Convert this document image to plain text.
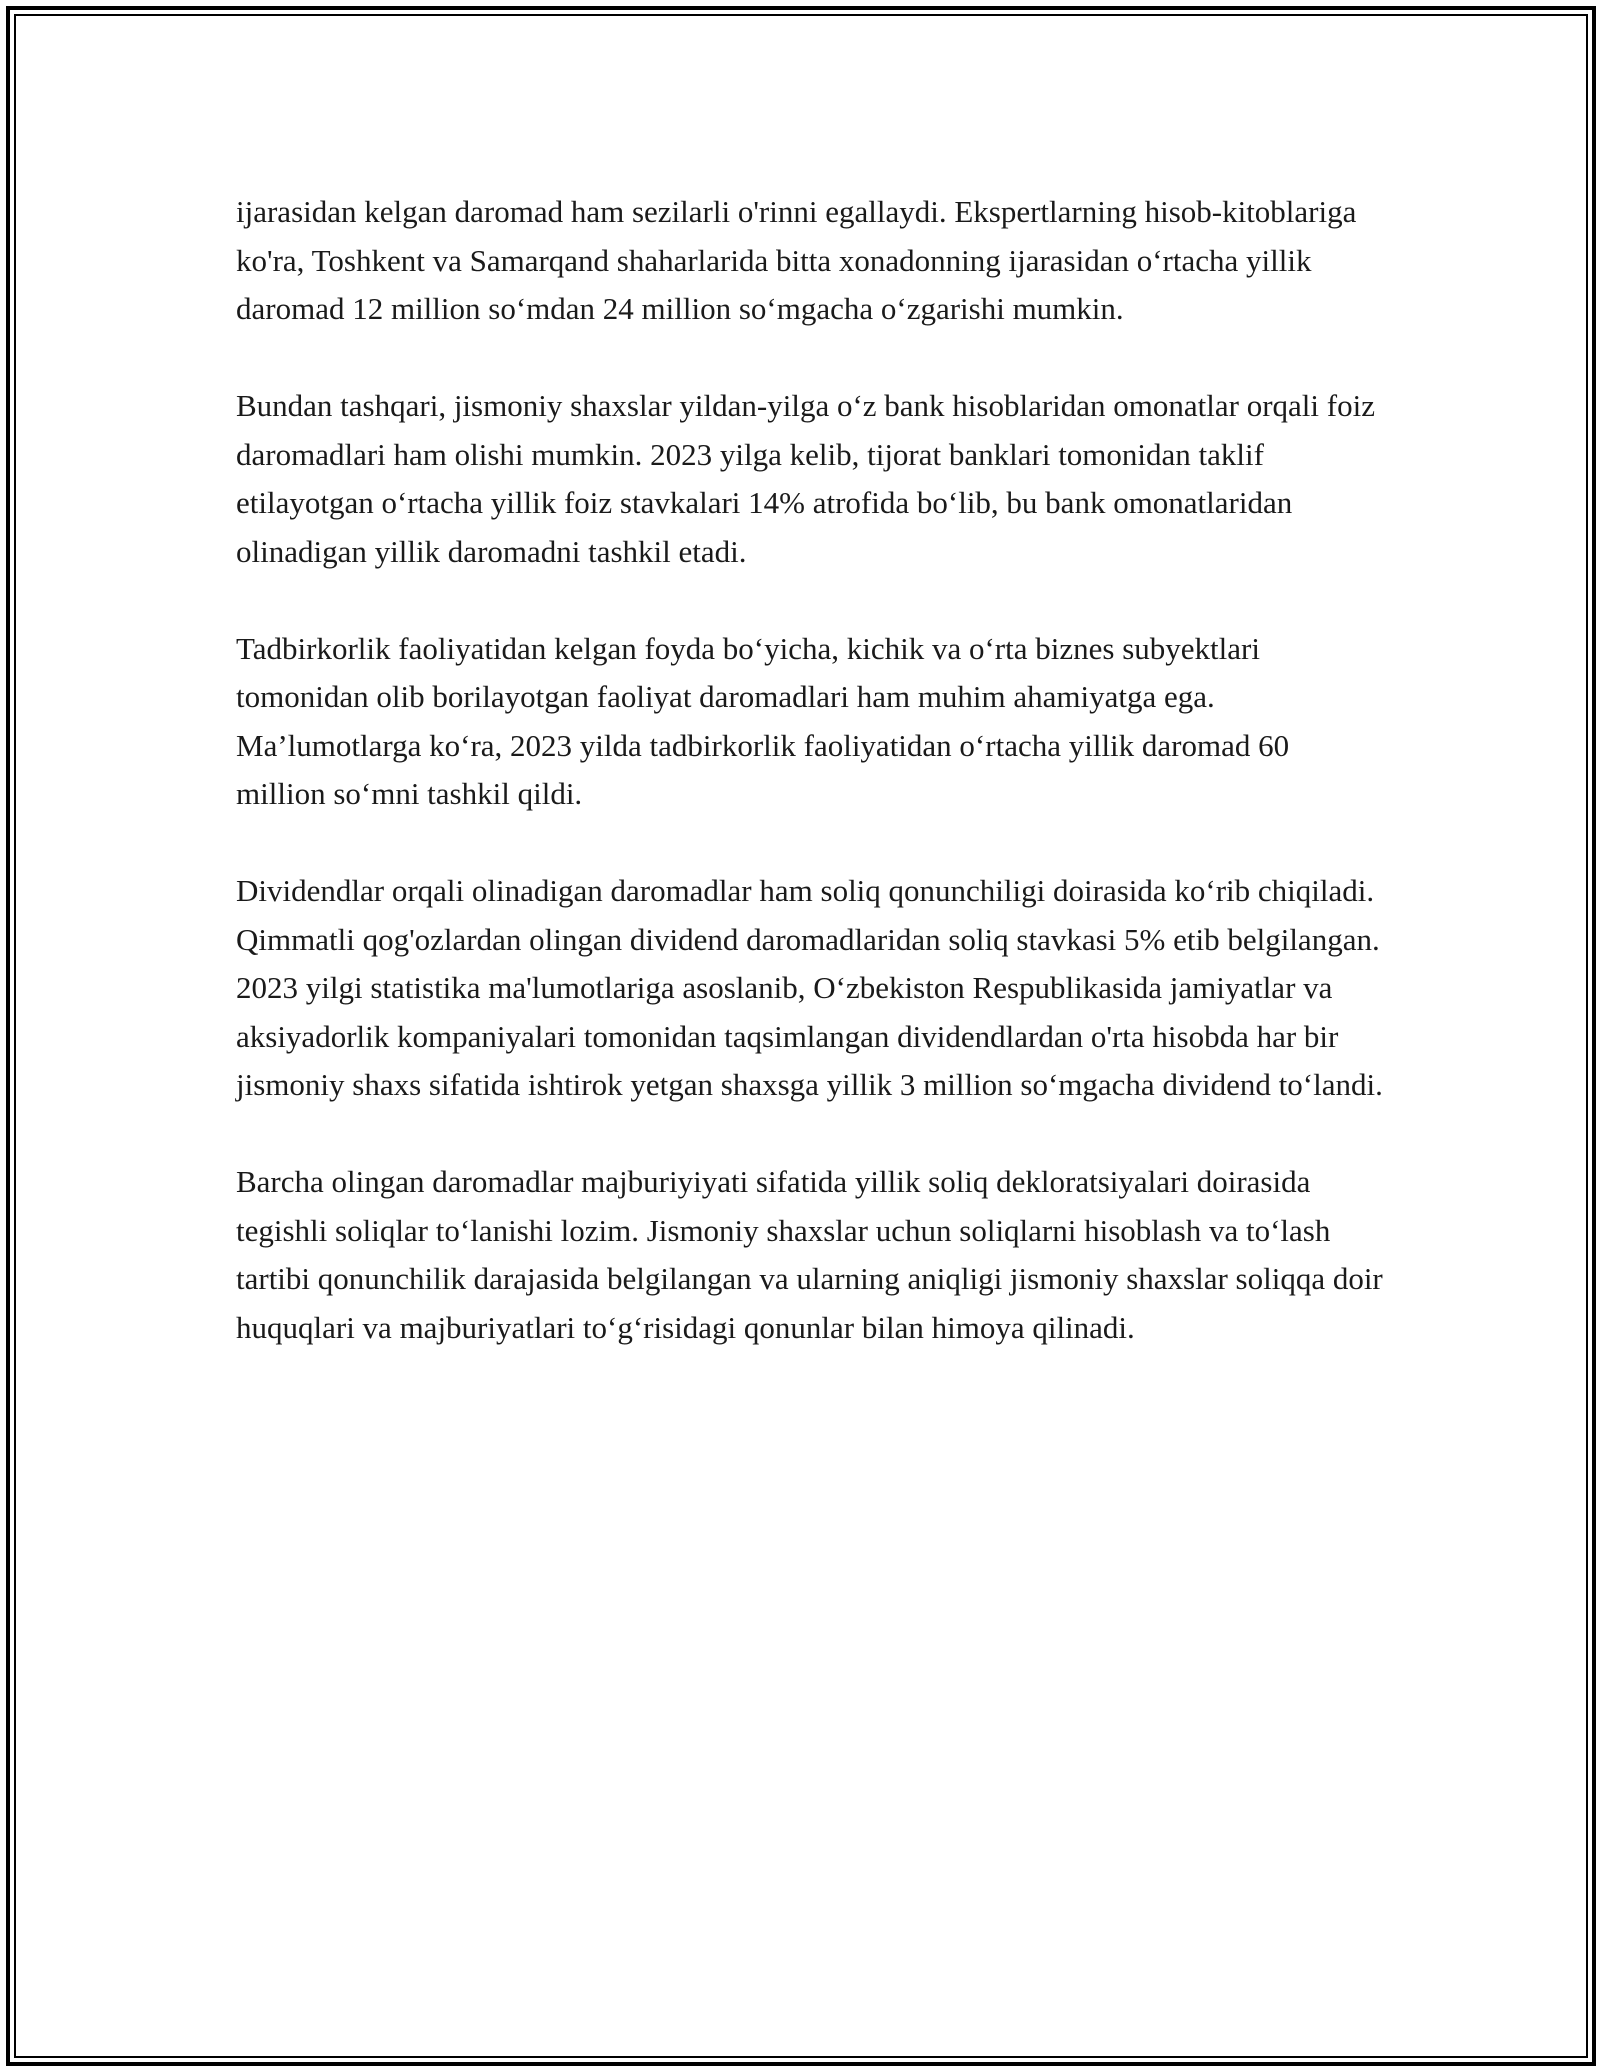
ijarasidan kelgan daromad ham sezilarli o'rinni egallaydi. Ekspertlarning hisob-kitoblariga ko'ra, Toshkent va Samarqand shaharlarida bitta xonadonning ijarasidan o‘rtacha yillik daromad 12 million so‘mdan 24 million so‘mgacha o‘zgarishi mumkin.

Bundan tashqari, jismoniy shaxslar yildan-yilga o‘z bank hisoblaridan omonatlar orqali foiz daromadlari ham olishi mumkin. 2023 yilga kelib, tijorat banklari tomonidan taklif etilayotgan o‘rtacha yillik foiz stavkalari 14% atrofida bo‘lib, bu bank omonatlaridan olinadigan yillik daromadni tashkil etadi.

Tadbirkorlik faoliyatidan kelgan foyda bo‘yicha, kichik va o‘rta biznes subyektlari tomonidan olib borilayotgan faoliyat daromadlari ham muhim ahamiyatga ega. Ma’lumotlarga ko‘ra, 2023 yilda tadbirkorlik faoliyatidan o‘rtacha yillik daromad 60 million so‘mni tashkil qildi.

Dividendlar orqali olinadigan daromadlar ham soliq qonunchiligi doirasida ko‘rib chiqiladi. Qimmatli qog'ozlardan olingan dividend daromadlaridan soliq stavkasi 5% etib belgilangan. 2023 yilgi statistika ma'lumotlariga asoslanib, O‘zbekiston Respublikasida jamiyatlar va aksiyadorlik kompaniyalari tomonidan taqsimlangan dividendlardan o'rta hisobda har bir jismoniy shaxs sifatida ishtirok yetgan shaxsga yillik 3 million so‘mgacha dividend to‘landi.

Barcha olingan daromadlar majburiyiyati sifatida yillik soliq dekloratsiyalari doirasida tegishli soliqlar to‘lanishi lozim. Jismoniy shaxslar uchun soliqlarni hisoblash va to‘lash tartibi qonunchilik darajasida belgilangan va ularning aniqligi jismoniy shaxslar soliqqa doir huquqlari va majburiyatlari to‘g‘risidagi qonunlar bilan himoya qilinadi.
